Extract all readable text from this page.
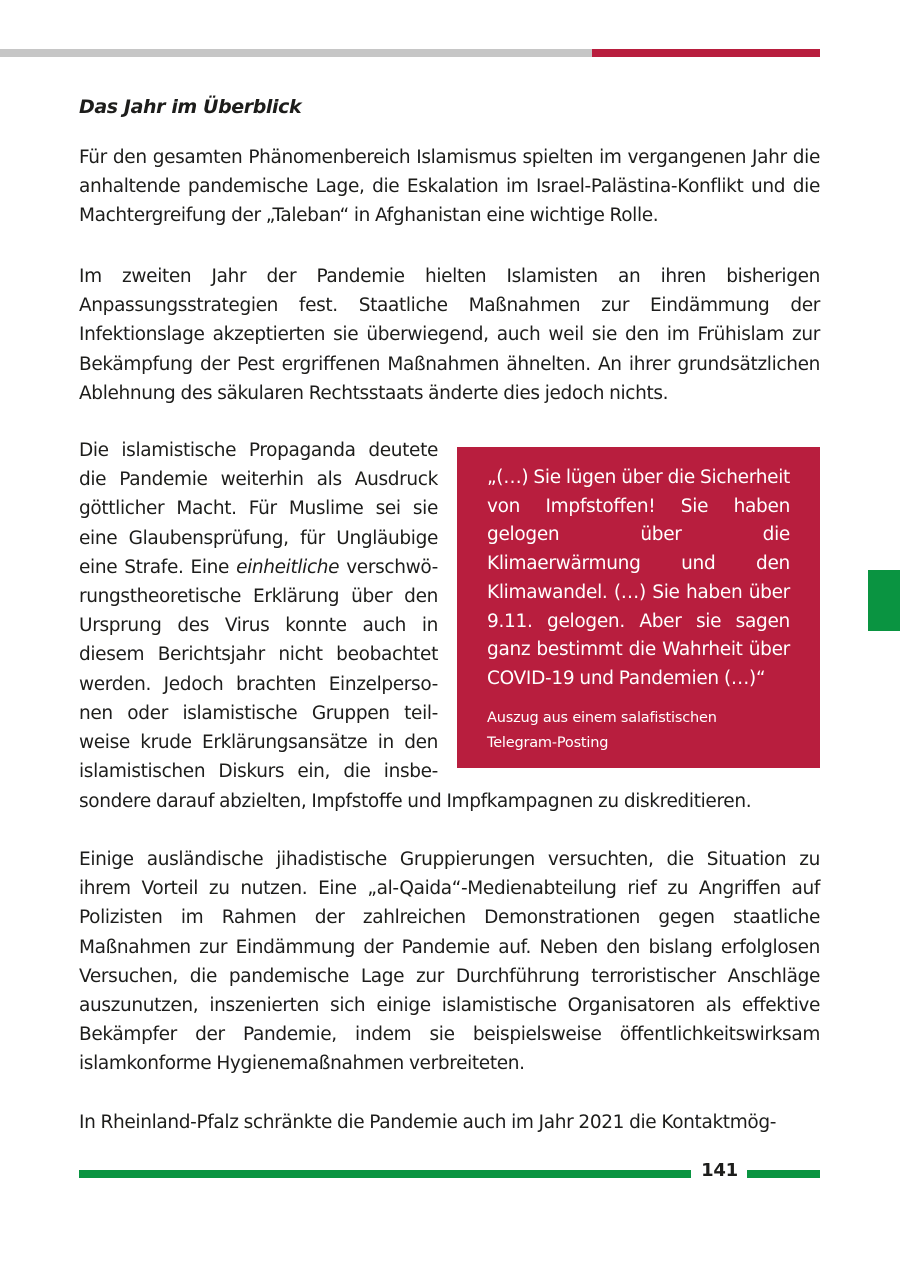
Das Jahr im Überblick

Für den gesamten Phänomenbereich Islamismus spielten im vergangenen Jahr die anhaltende pandemische Lage, die Eskalation im Israel-Palästina-Konflikt und die Machtergreifung der „Taleban“ in Afghanistan eine wichtige Rolle.

Im zweiten Jahr der Pandemie hielten Islamisten an ihren bisherigen Anpassungsstrategien fest. Staatliche Maßnahmen zur Eindämmung der Infektionslage akzeptierten sie überwiegend, auch weil sie den im Frühislam zur Bekämpfung der Pest ergriffenen Maßnahmen ähnelten. An ihrer grundsätzlichen Ablehnung des säkularen Rechtsstaats änderte dies jedoch nichts.

Die islamistische Propaganda deutete
die Pandemie weiterhin als Ausdruck
göttlicher Macht. Für Muslime sei sie
eine Glaubensprüfung, für Ungläubige
eine Strafe. Eine einheitliche verschwö-
rungstheoretische Erklärung über den
Ursprung des Virus konnte auch in
diesem Berichtsjahr nicht beobachtet
werden. Jedoch brachten Einzelperso-
nen oder islamistische Gruppen teil-
weise krude Erklärungsansätze in den
islamistischen Diskurs ein, die insbe-

sondere darauf abzielten, Impfstoffe und Impfkampagnen zu diskreditieren.

„(…) Sie lügen über die Sicherheit von Impfstoffen! Sie haben gelogen über die Klimaerwärmung und den Klimawandel. (…) Sie haben über 9.11. gelogen. Aber sie sagen ganz bestimmt die Wahrheit über COVID-19 und Pandemien (…)“

Auszug aus einem salafistischen Telegram-Posting

Einige ausländische jihadistische Gruppierungen versuchten, die Situation zu ihrem Vorteil zu nutzen. Eine „al-Qaida“-Medienabteilung rief zu Angriffen auf Polizisten im Rahmen der zahlreichen Demonstrationen gegen staatliche Maßnahmen zur Eindämmung der Pandemie auf. Neben den bislang erfolglosen Versuchen, die pandemische Lage zur Durchführung terroristischer Anschläge auszunutzen, inszenierten sich einige islamistische Organisatoren als effektive Bekämpfer der Pandemie, indem sie beispielsweise öffentlichkeitswirksam islamkonforme Hygienemaßnahmen verbreiteten.

In Rheinland-Pfalz schränkte die Pandemie auch im Jahr 2021 die Kontaktmög-

141
